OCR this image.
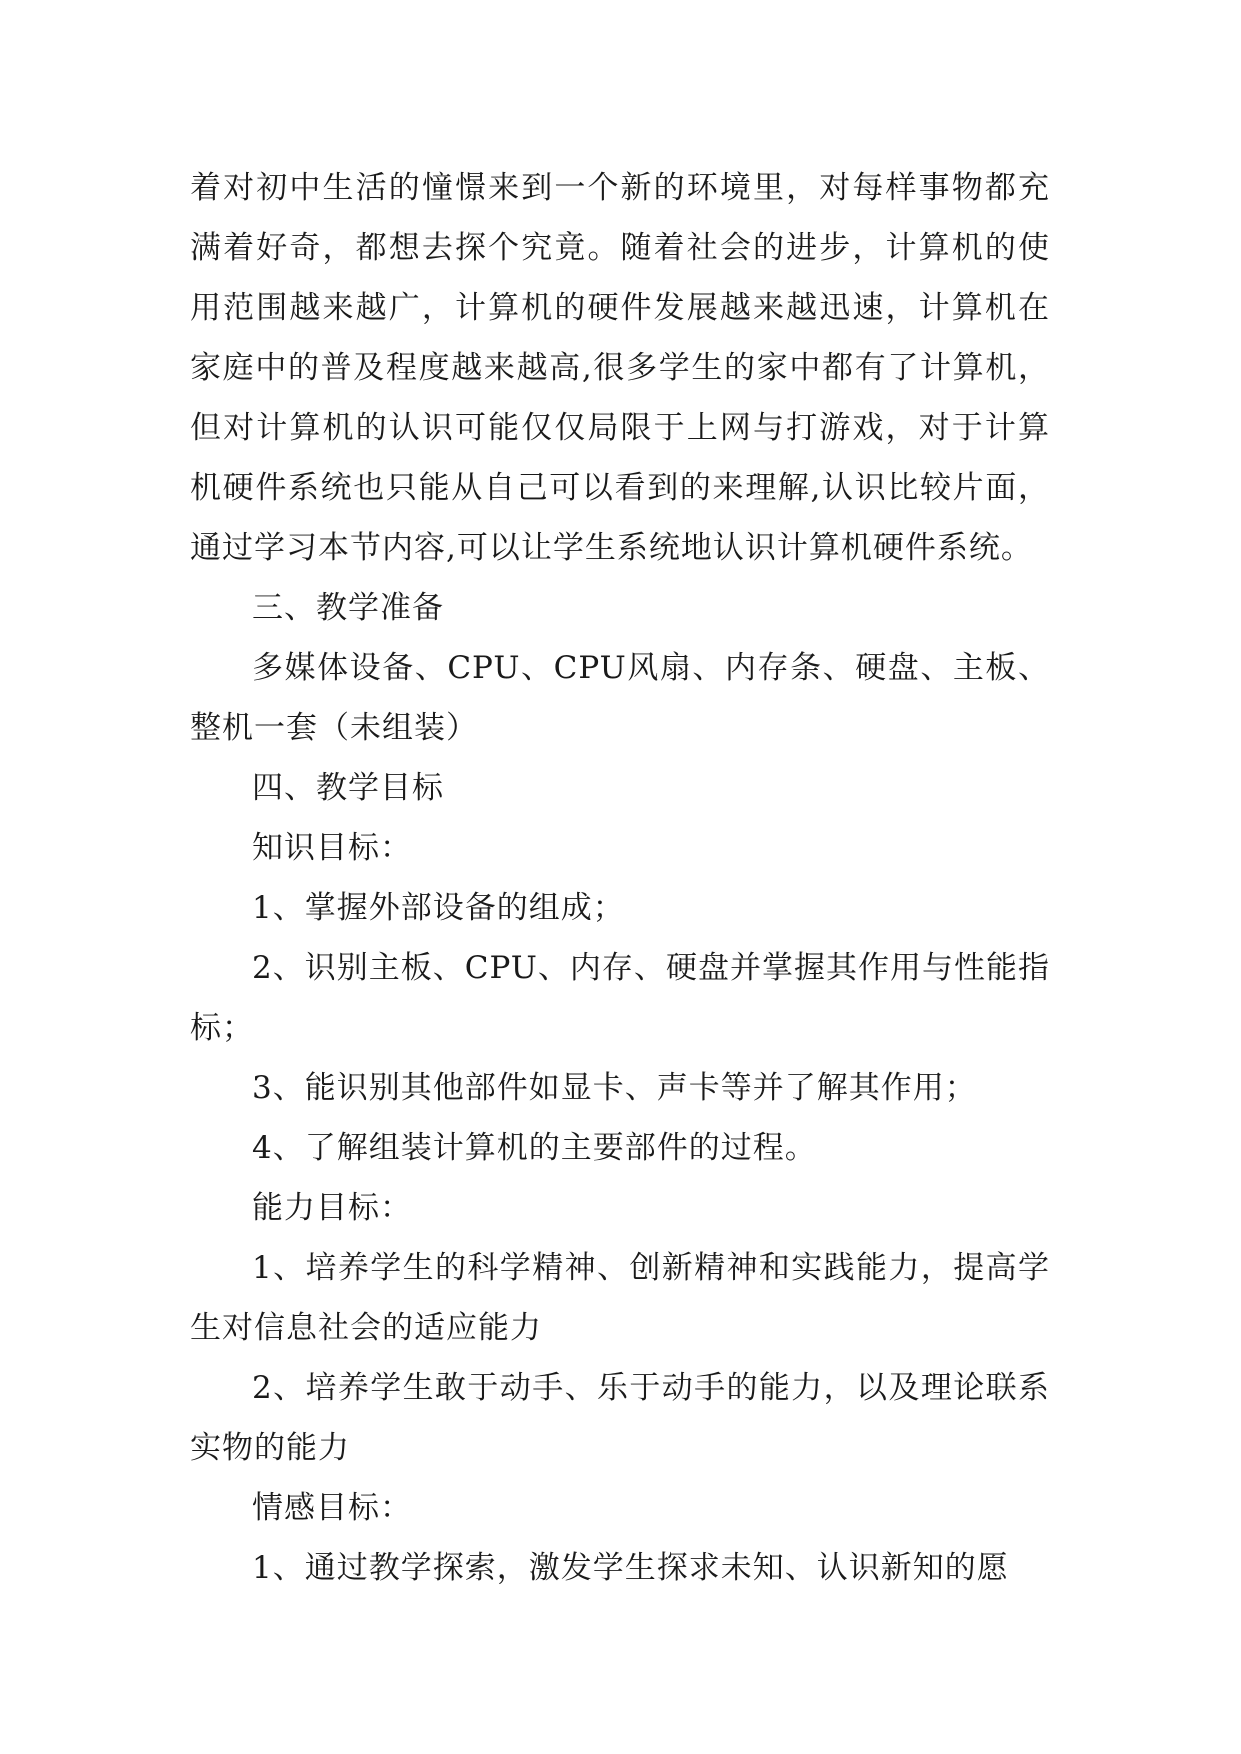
着对初中生活的憧憬来到一个新的环境里，对每样事物都充满着好奇，都想去探个究竟。随着社会的进步，计算机的使用范围越来越广，计算机的硬件发展越来越迅速，计算机在家庭中的普及程度越来越高,很多学生的家中都有了计算机，但对计算机的认识可能仅仅局限于上网与打游戏，对于计算机硬件系统也只能从自己可以看到的来理解,认识比较片面，通过学习本节内容,可以让学生系统地认识计算机硬件系统。

三、教学准备

多媒体设备、CPU、CPU风扇、内存条、硬盘、主板、整机一套（未组装）

四、教学目标

知识目标：

1、掌握外部设备的组成；

2、识别主板、CPU、内存、硬盘并掌握其作用与性能指标；

3、能识别其他部件如显卡、声卡等并了解其作用；

4、了解组装计算机的主要部件的过程。

能力目标：

1、培养学生的科学精神、创新精神和实践能力，提高学生对信息社会的适应能力

2、培养学生敢于动手、乐于动手的能力，以及理论联系实物的能力

情感目标：

1、通过教学探索，激发学生探求未知、认识新知的愿
